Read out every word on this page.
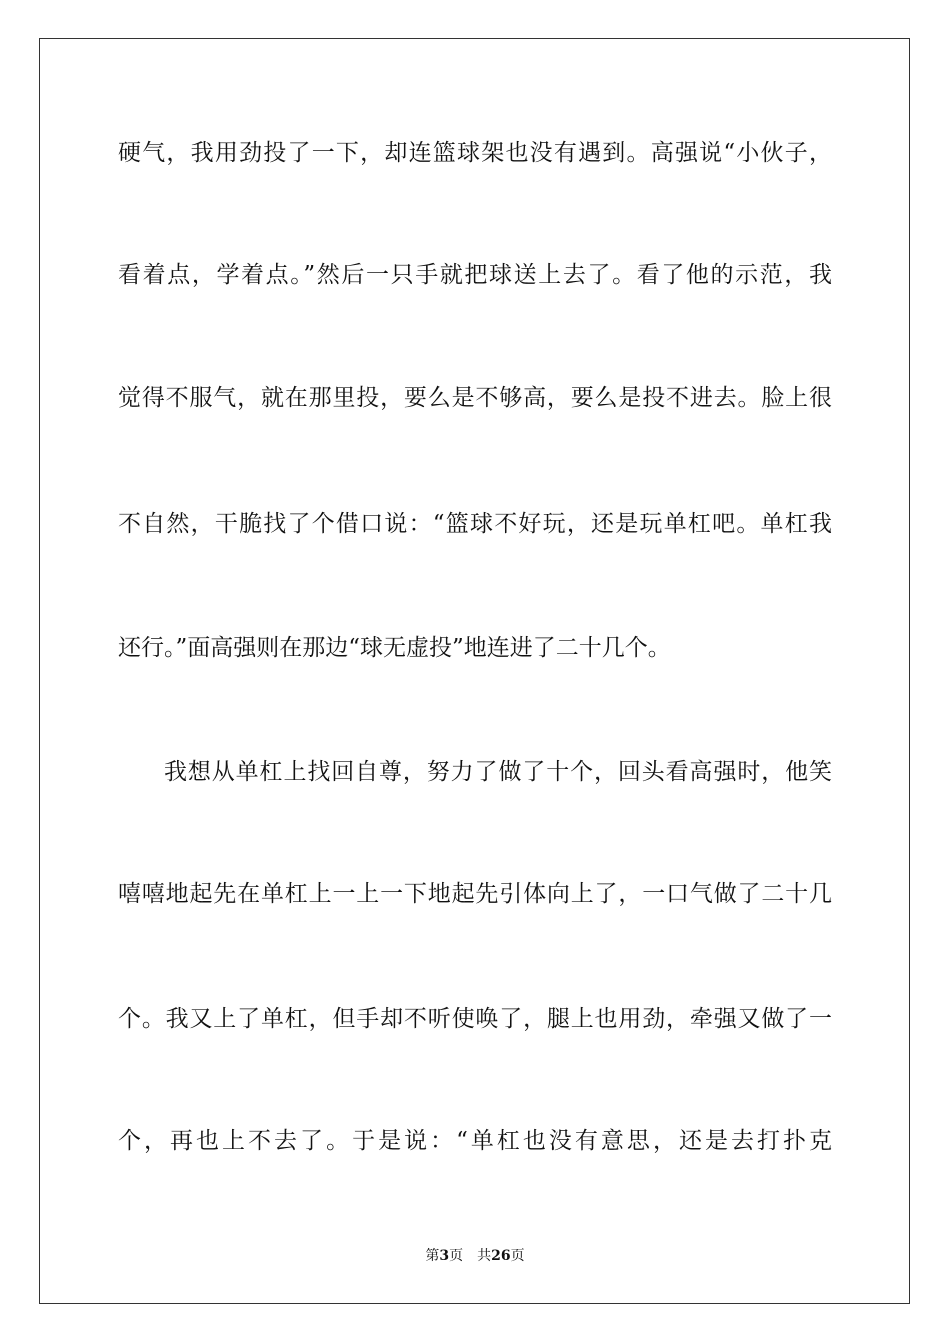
硬气，我用劲投了一下，却连篮球架也没有遇到。高强说“小伙子，
看着点，学着点。”然后一只手就把球送上去了。看了他的示范，我
觉得不服气，就在那里投，要么是不够高，要么是投不进去。脸上很
不自然，干脆找了个借口说：“篮球不好玩，还是玩单杠吧。单杠我
还行。”面高强则在那边“球无虚投”地连进了二十几个。
我想从单杠上找回自尊，努力了做了十个，回头看高强时，他笑
嘻嘻地起先在单杠上一上一下地起先引体向上了，一口气做了二十几
个。我又上了单杠，但手却不听使唤了，腿上也用劲，牵强又做了一
个，再也上不去了。于是说：“单杠也没有意思，还是去打扑克
第3页 共26页
